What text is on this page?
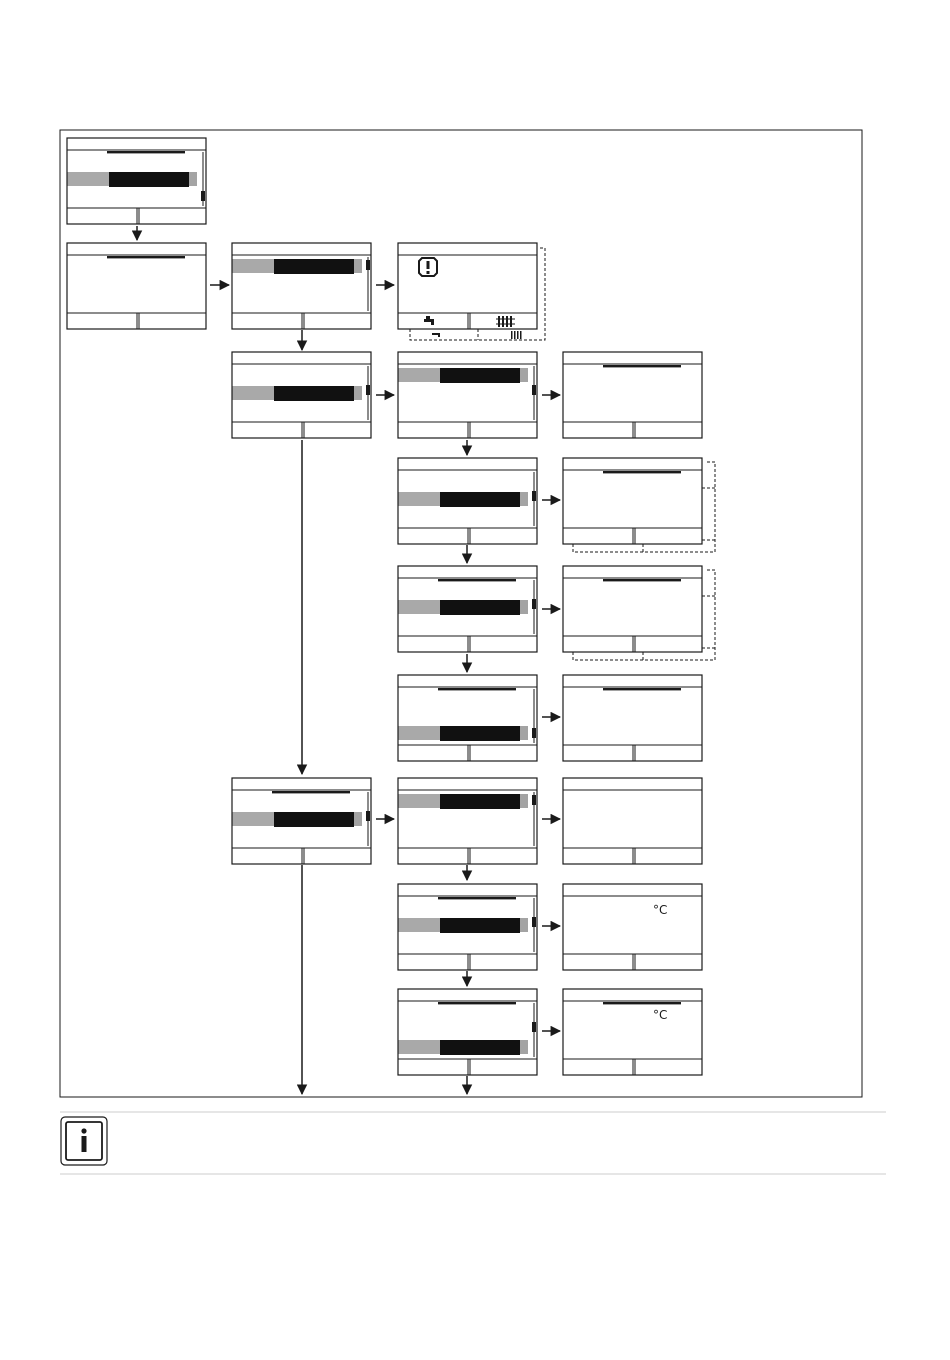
°C
°C
